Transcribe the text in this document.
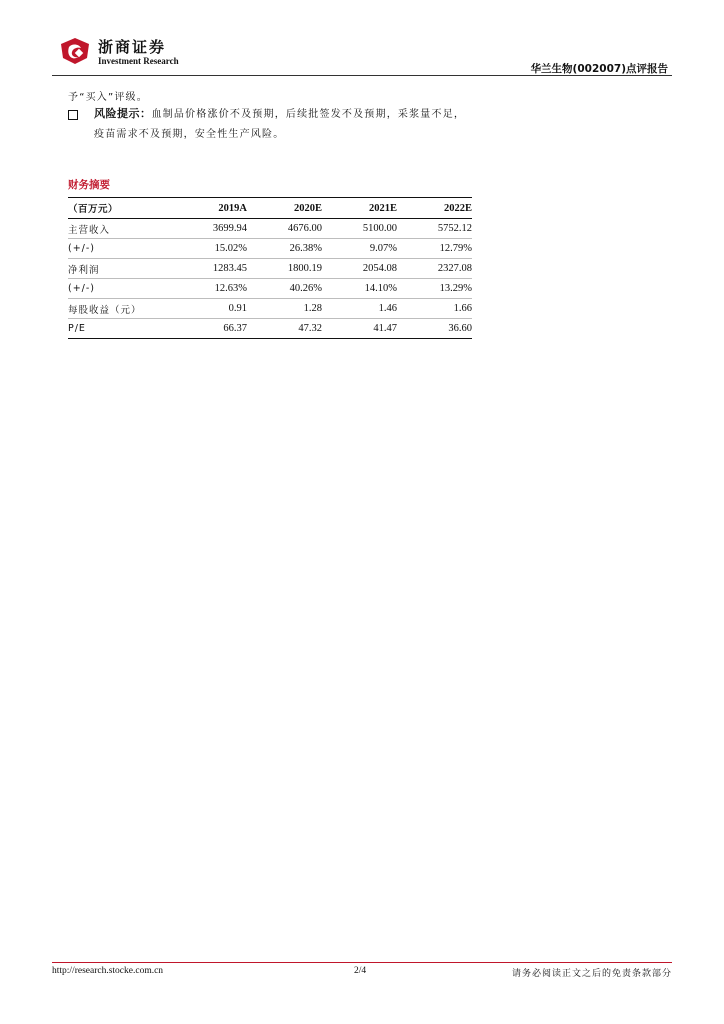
浙商证券
Investment Research
华兰生物(002007)点评报告
予“买入”评级。
风险提示：血制品价格涨价不及预期，后续批签发不及预期，采浆量不足，疫苗需求不及预期，安全性生产风险。
财务摘要
（百万元）	2019A	2020E	2021E	2022E
主营收入	3699.94	4676.00	5100.00	5752.12
(+/-)	15.02%	26.38%	9.07%	12.79%
净利润	1283.45	1800.19	2054.08	2327.08
(+/-)	12.63%	40.26%	14.10%	13.29%
每股收益（元）	0.91	1.28	1.46	1.66
P/E	66.37	47.32	41.47	36.60
http://research.stocke.com.cn	2/4	请务必阅读正文之后的免责条款部分
